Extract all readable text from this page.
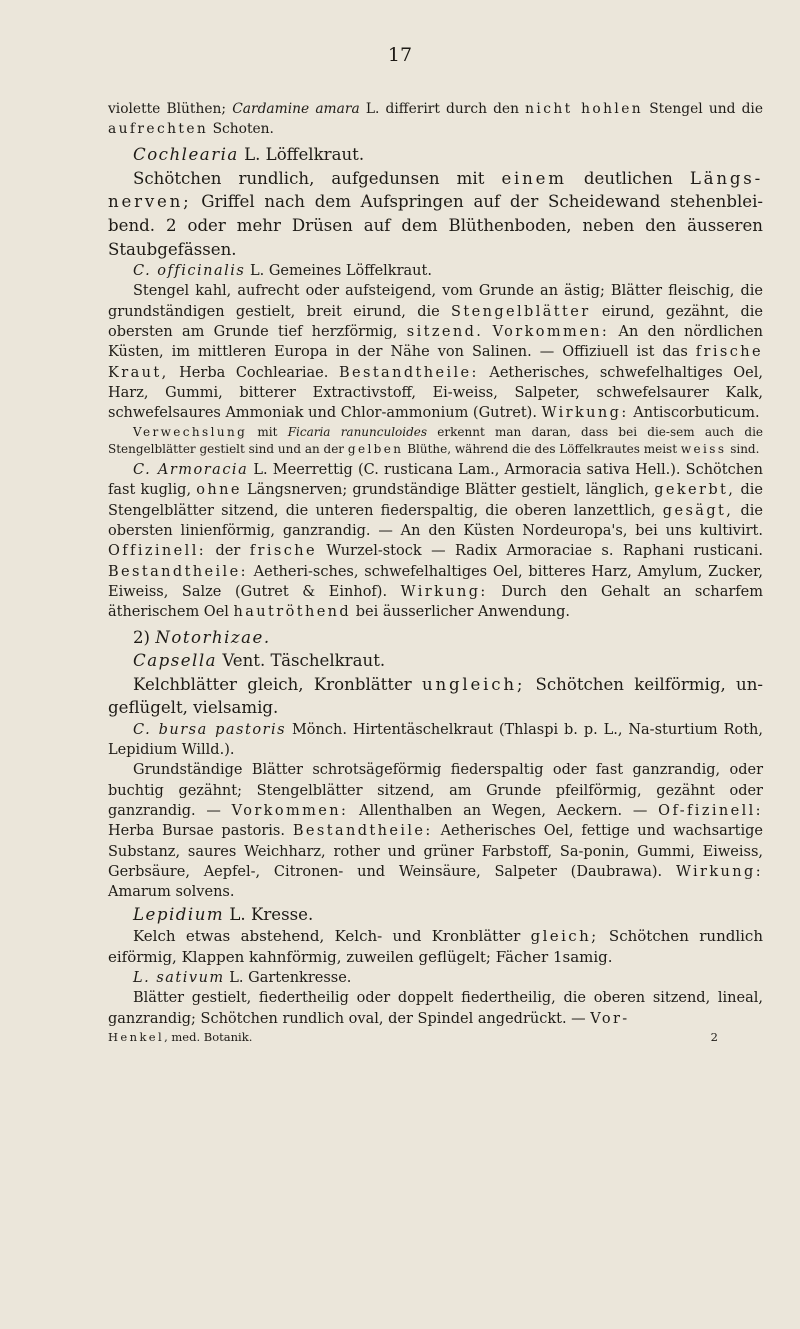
17

violette Blüthen; Cardamine amara L. differirt durch den nicht hohlen Stengel und die aufrechten Schoten.

Cochlearia L. Löffelkraut.

Schötchen rundlich, aufgedunsen mit einem deutlichen Längs-nerven; Griffel nach dem Aufspringen auf der Scheidewand stehenblei-bend. 2 oder mehr Drüsen auf dem Blüthenboden, neben den äusseren Staubgefässen.

C. officinalis L. Gemeines Löffelkraut.

Stengel kahl, aufrecht oder aufsteigend, vom Grunde an ästig; Blätter fleischig, die grundständigen gestielt, breit eirund, die Stengelblätter eirund, gezähnt, die obersten am Grunde tief herzförmig, sitzend. Vorkommen: An den nördlichen Küsten, im mittleren Europa in der Nähe von Salinen. — Offiziuell ist das frische Kraut, Herba Cochleariae. Bestandtheile: Aetherisches, schwefelhaltiges Oel, Harz, Gummi, bitterer Extractivstoff, Ei-weiss, Salpeter, schwefelsaurer Kalk, schwefelsaures Ammoniak und Chlor-ammonium (Gutret). Wirkung: Antiscorbuticum.

Verwechslung mit Ficaria ranunculoides erkennt man daran, dass bei die-sem auch die Stengelblätter gestielt sind und an der gelben Blüthe, während die des Löffelkrautes meist weiss sind.

C. Armoracia L. Meerrettig (C. rusticana Lam., Armoracia sativa Hell.). Schötchen fast kuglig, ohne Längsnerven; grundständige Blätter gestielt, länglich, gekerbt, die Stengelblätter sitzend, die unteren fiederspaltig, die oberen lanzettlich, gesägt, die obersten linienförmig, ganzrandig. — An den Küsten Nordeuropa's, bei uns kultivirt. Offizinell: der frische Wurzel-stock — Radix Armoraciae s. Raphani rusticani. Bestandtheile: Aetheri-sches, schwefelhaltiges Oel, bitteres Harz, Amylum, Zucker, Eiweiss, Salze (Gutret & Einhof). Wirkung: Durch den Gehalt an scharfem ätherischem Oel hautröthend bei äusserlicher Anwendung.

2) Notorhizae.

Capsella Vent. Täschelkraut.

Kelchblätter gleich, Kronblätter ungleich; Schötchen keilförmig, un-geflügelt, vielsamig.

C. bursa pastoris Mönch. Hirtentäschelkraut (Thlaspi b. p. L., Na-sturtium Roth, Lepidium Willd.).

Grundständige Blätter schrotsägeförmig fiederspaltig oder fast ganzrandig, oder buchtig gezähnt; Stengelblätter sitzend, am Grunde pfeilförmig, gezähnt oder ganzrandig. — Vorkommen: Allenthalben an Wegen, Aeckern. — Of-fizinell: Herba Bursae pastoris. Bestandtheile: Aetherisches Oel, fettige und wachsartige Substanz, saures Weichharz, rother und grüner Farbstoff, Sa-ponin, Gummi, Eiweiss, Gerbsäure, Aepfel-, Citronen- und Weinsäure, Salpeter (Daubrawa). Wirkung: Amarum solvens.

Lepidium L. Kresse.

Kelch etwas abstehend, Kelch- und Kronblätter gleich; Schötchen rundlich eiförmig, Klappen kahnförmig, zuweilen geflügelt; Fächer 1samig.

L. sativum L. Gartenkresse.

Blätter gestielt, fiedertheilig oder doppelt fiedertheilig, die oberen sitzend, lineal, ganzrandig; Schötchen rundlich oval, der Spindel angedrückt. — Vor-

Henkel, med. Botanik.	2
